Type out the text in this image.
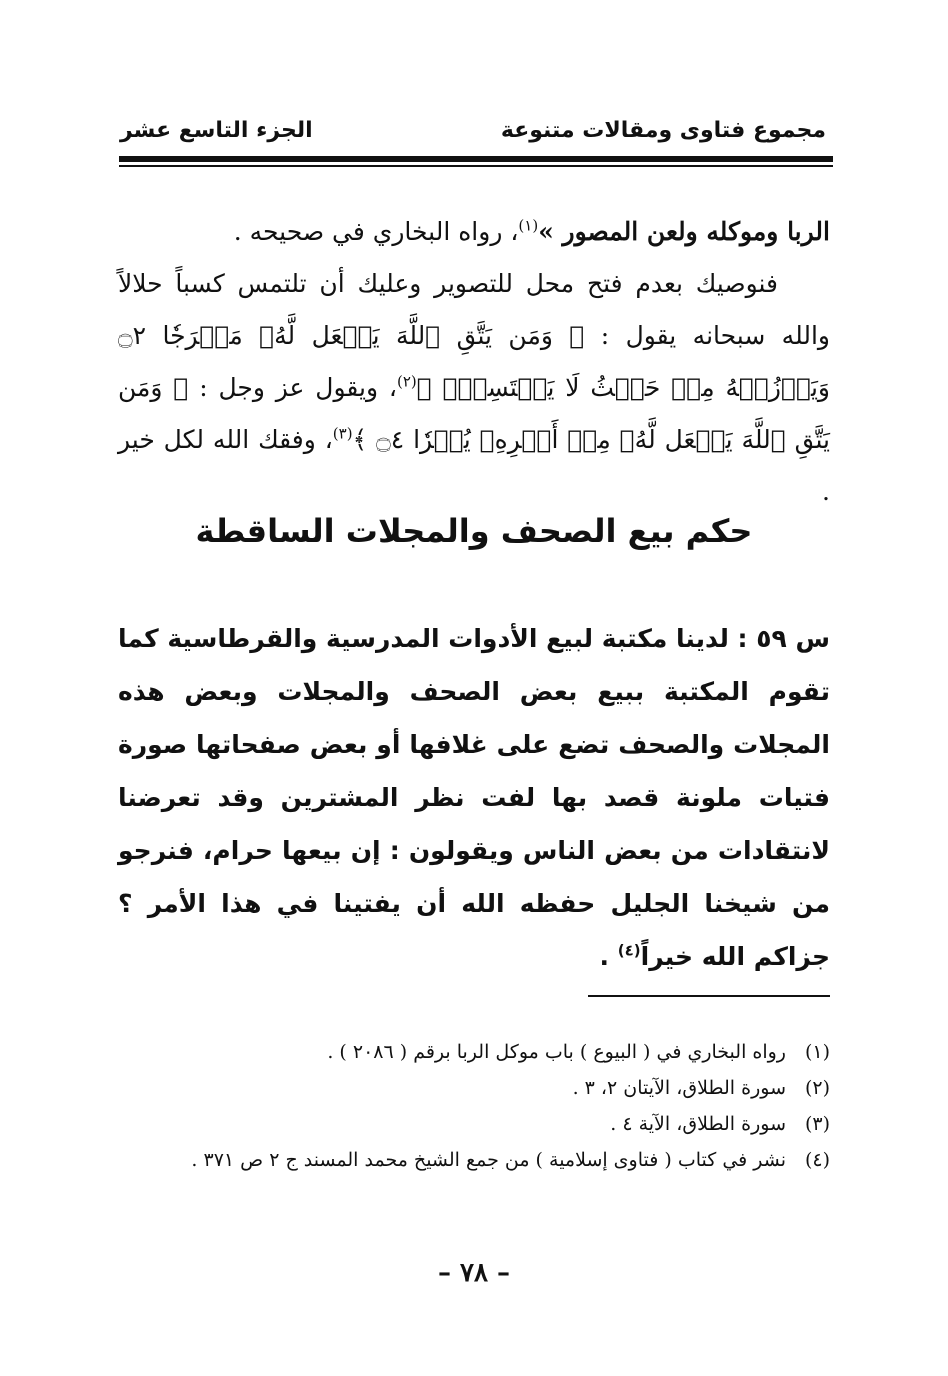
مجموع فتاوى ومقالات متنوعة
الجزء التاسع عشر

الربا وموكله ولعن المصور »$^{(١)}$، رواه البخاري في صحيحه .

فنوصيك بعدم فتح محل للتصوير وعليك أن تلتمس كسباً حلالاً والله سبحانه يقول : ﴿ وَمَن يَتَّقِ ٱللَّهَ يَجۡعَل لَّهُۥ مَخۡرَجٗا ۝٢ وَيَرۡزُقۡهُ مِنۡ حَيۡثُ لَا يَحۡتَسِبُۚ ﴾$^{(٢)}$، ويقول عز وجل : ﴿ وَمَن يَتَّقِ ٱللَّهَ يَجۡعَل لَّهُۥ مِنۡ أَمۡرِهِۦ يُسۡرٗا ۝٤ ﴾$^{(٣)}$، وفقك الله لكل خير .

حكم بيع الصحف والمجلات الساقطة
س ٥٩ : لدينا مكتبة لبيع الأدوات المدرسية والقرطاسية كما تقوم المكتبة ببيع بعض الصحف والمجلات وبعض هذه المجلات والصحف تضع على غلافها أو بعض صفحاتها صورة فتيات ملونة قصد بها لفت نظر المشترين وقد تعرضنا لانتقادات من بعض الناس ويقولون : إن بيعها حرام، فنرجو من شيخنا الجليل حفظه الله أن يفتينا في هذا الأمر ؟ جزاكم الله خيراً$^{(٤)}$ .
(١)
رواه البخاري في ( البيوع ) باب موكل الربا برقم ( ٢٠٨٦ ) .
(٢)
سورة الطلاق، الآيتان ٢، ٣ .
(٣)
سورة الطلاق، الآية ٤ .
(٤)
نشر في كتاب ( فتاوى إسلامية ) من جمع الشيخ محمد المسند ج ٢ ص ٣٧١ .
– ٧٨ –
